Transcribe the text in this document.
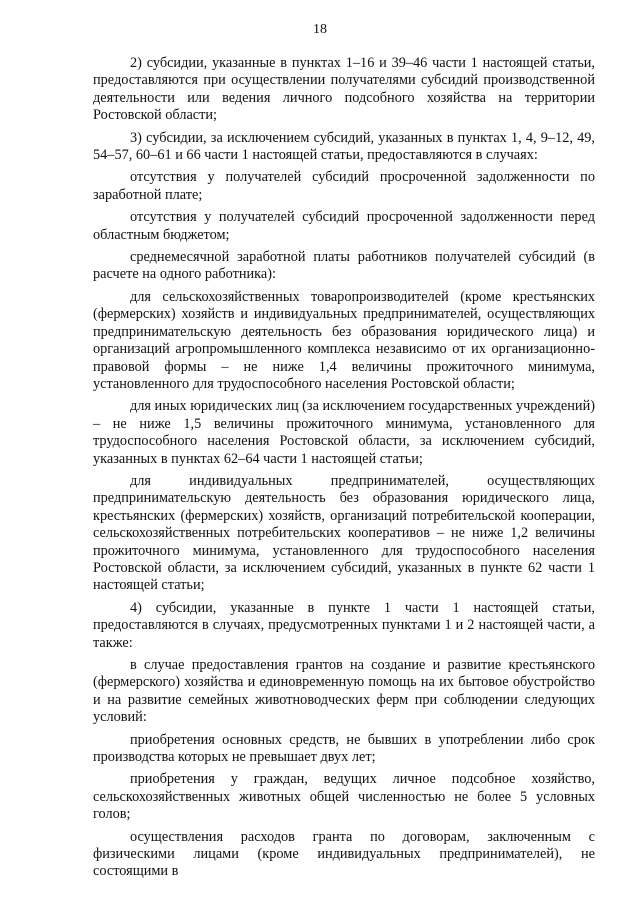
18

2) субсидии, указанные в пунктах 1–16 и 39–46 части 1 настоящей статьи, предоставляются при осуществлении получателями субсидий производственной деятельности или ведения личного подсобного хозяйства на территории Ростовской области;

3) субсидии, за исключением субсидий, указанных в пунктах 1, 4, 9–12, 49, 54–57, 60–61 и 66 части 1 настоящей статьи, предоставляются в случаях:

отсутствия у получателей субсидий просроченной задолженности по заработной плате;

отсутствия у получателей субсидий просроченной задолженности перед областным бюджетом;

среднемесячной заработной платы работников получателей субсидий (в расчете на одного работника):

для сельскохозяйственных товаропроизводителей (кроме крестьянских (фермерских) хозяйств и индивидуальных предпринимателей, осуществляющих предпринимательскую деятельность без образования юридического лица) и организаций агропромышленного комплекса независимо от их организационно-правовой формы – не ниже 1,4 величины прожиточного минимума, установленного для трудоспособного населения Ростовской области;

для иных юридических лиц (за исключением государственных учреждений) – не ниже 1,5 величины прожиточного минимума, установленного для трудоспособного населения Ростовской области, за исключением субсидий, указанных в пунктах 62–64 части 1 настоящей статьи;

для индивидуальных предпринимателей, осуществляющих предпринимательскую деятельность без образования юридического лица, крестьянских (фермерских) хозяйств, организаций потребительской кооперации, сельскохозяйственных потребительских кооперативов – не ниже 1,2 величины прожиточного минимума, установленного для трудоспособного населения Ростовской области, за исключением субсидий, указанных в пункте 62 части 1 настоящей статьи;

4) субсидии, указанные в пункте 1 части 1 настоящей статьи, предоставляются в случаях, предусмотренных пунктами 1 и 2 настоящей части, а также:

в случае предоставления грантов на создание и развитие крестьянского (фермерского) хозяйства и единовременную помощь на их бытовое обустройство и на развитие семейных животноводческих ферм при соблюдении следующих условий:

приобретения основных средств, не бывших в употреблении либо срок производства которых не превышает двух лет;

приобретения у граждан, ведущих личное подсобное хозяйство, сельскохозяйственных животных общей численностью не более 5 условных голов;

осуществления расходов гранта по договорам, заключенным с физическими лицами (кроме индивидуальных предпринимателей), не состоящими в
